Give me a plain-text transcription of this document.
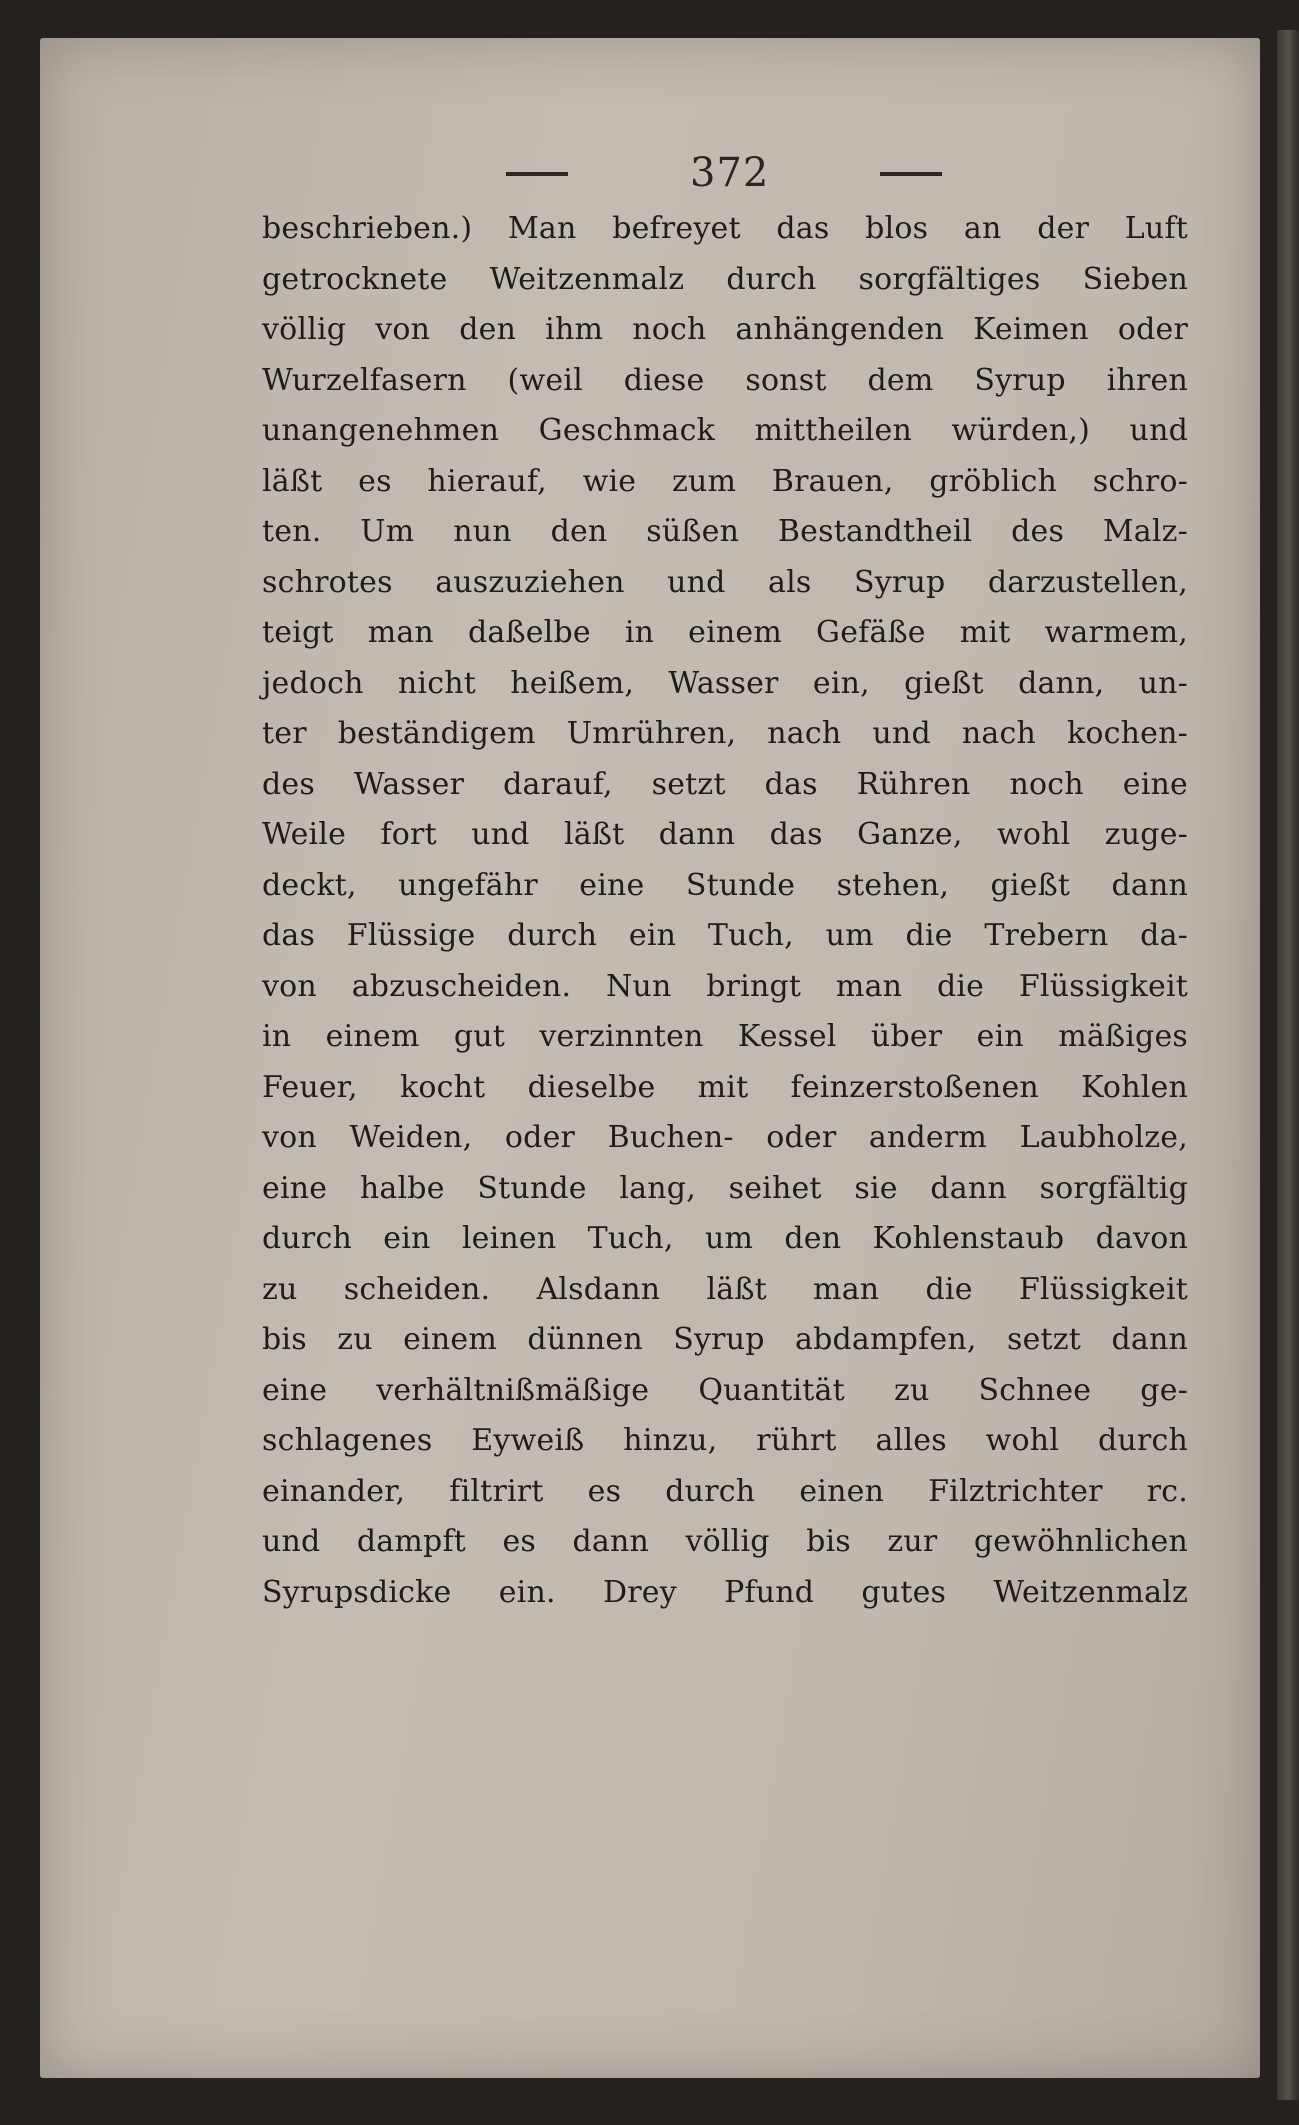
372
beschrieben.) Man befreyet das blos an der Luft
getrocknete Weitzenmalz durch sorgfältiges Sieben
völlig von den ihm noch anhängenden Keimen oder
Wurzelfasern (weil diese sonst dem Syrup ihren
unangenehmen Geschmack mittheilen würden,) und
läßt es hierauf, wie zum Brauen, gröblich schro-
ten. Um nun den süßen Bestandtheil des Malz-
schrotes auszuziehen und als Syrup darzustellen,
teigt man daßelbe in einem Gefäße mit warmem,
jedoch nicht heißem, Wasser ein, gießt dann, un-
ter beständigem Umrühren, nach und nach kochen-
des Wasser darauf, setzt das Rühren noch eine
Weile fort und läßt dann das Ganze, wohl zuge-
deckt, ungefähr eine Stunde stehen, gießt dann
das Flüssige durch ein Tuch, um die Trebern da-
von abzuscheiden. Nun bringt man die Flüssigkeit
in einem gut verzinnten Kessel über ein mäßiges
Feuer, kocht dieselbe mit feinzerstoßenen Kohlen
von Weiden, oder Buchen- oder anderm Laubholze,
eine halbe Stunde lang, seihet sie dann sorgfältig
durch ein leinen Tuch, um den Kohlenstaub davon
zu scheiden. Alsdann läßt man die Flüssigkeit
bis zu einem dünnen Syrup abdampfen, setzt dann
eine verhältnißmäßige Quantität zu Schnee ge-
schlagenes Eyweiß hinzu, rührt alles wohl durch
einander, filtrirt es durch einen Filztrichter rc.
und dampft es dann völlig bis zur gewöhnlichen
Syrupsdicke ein. Drey Pfund gutes Weitzenmalz
